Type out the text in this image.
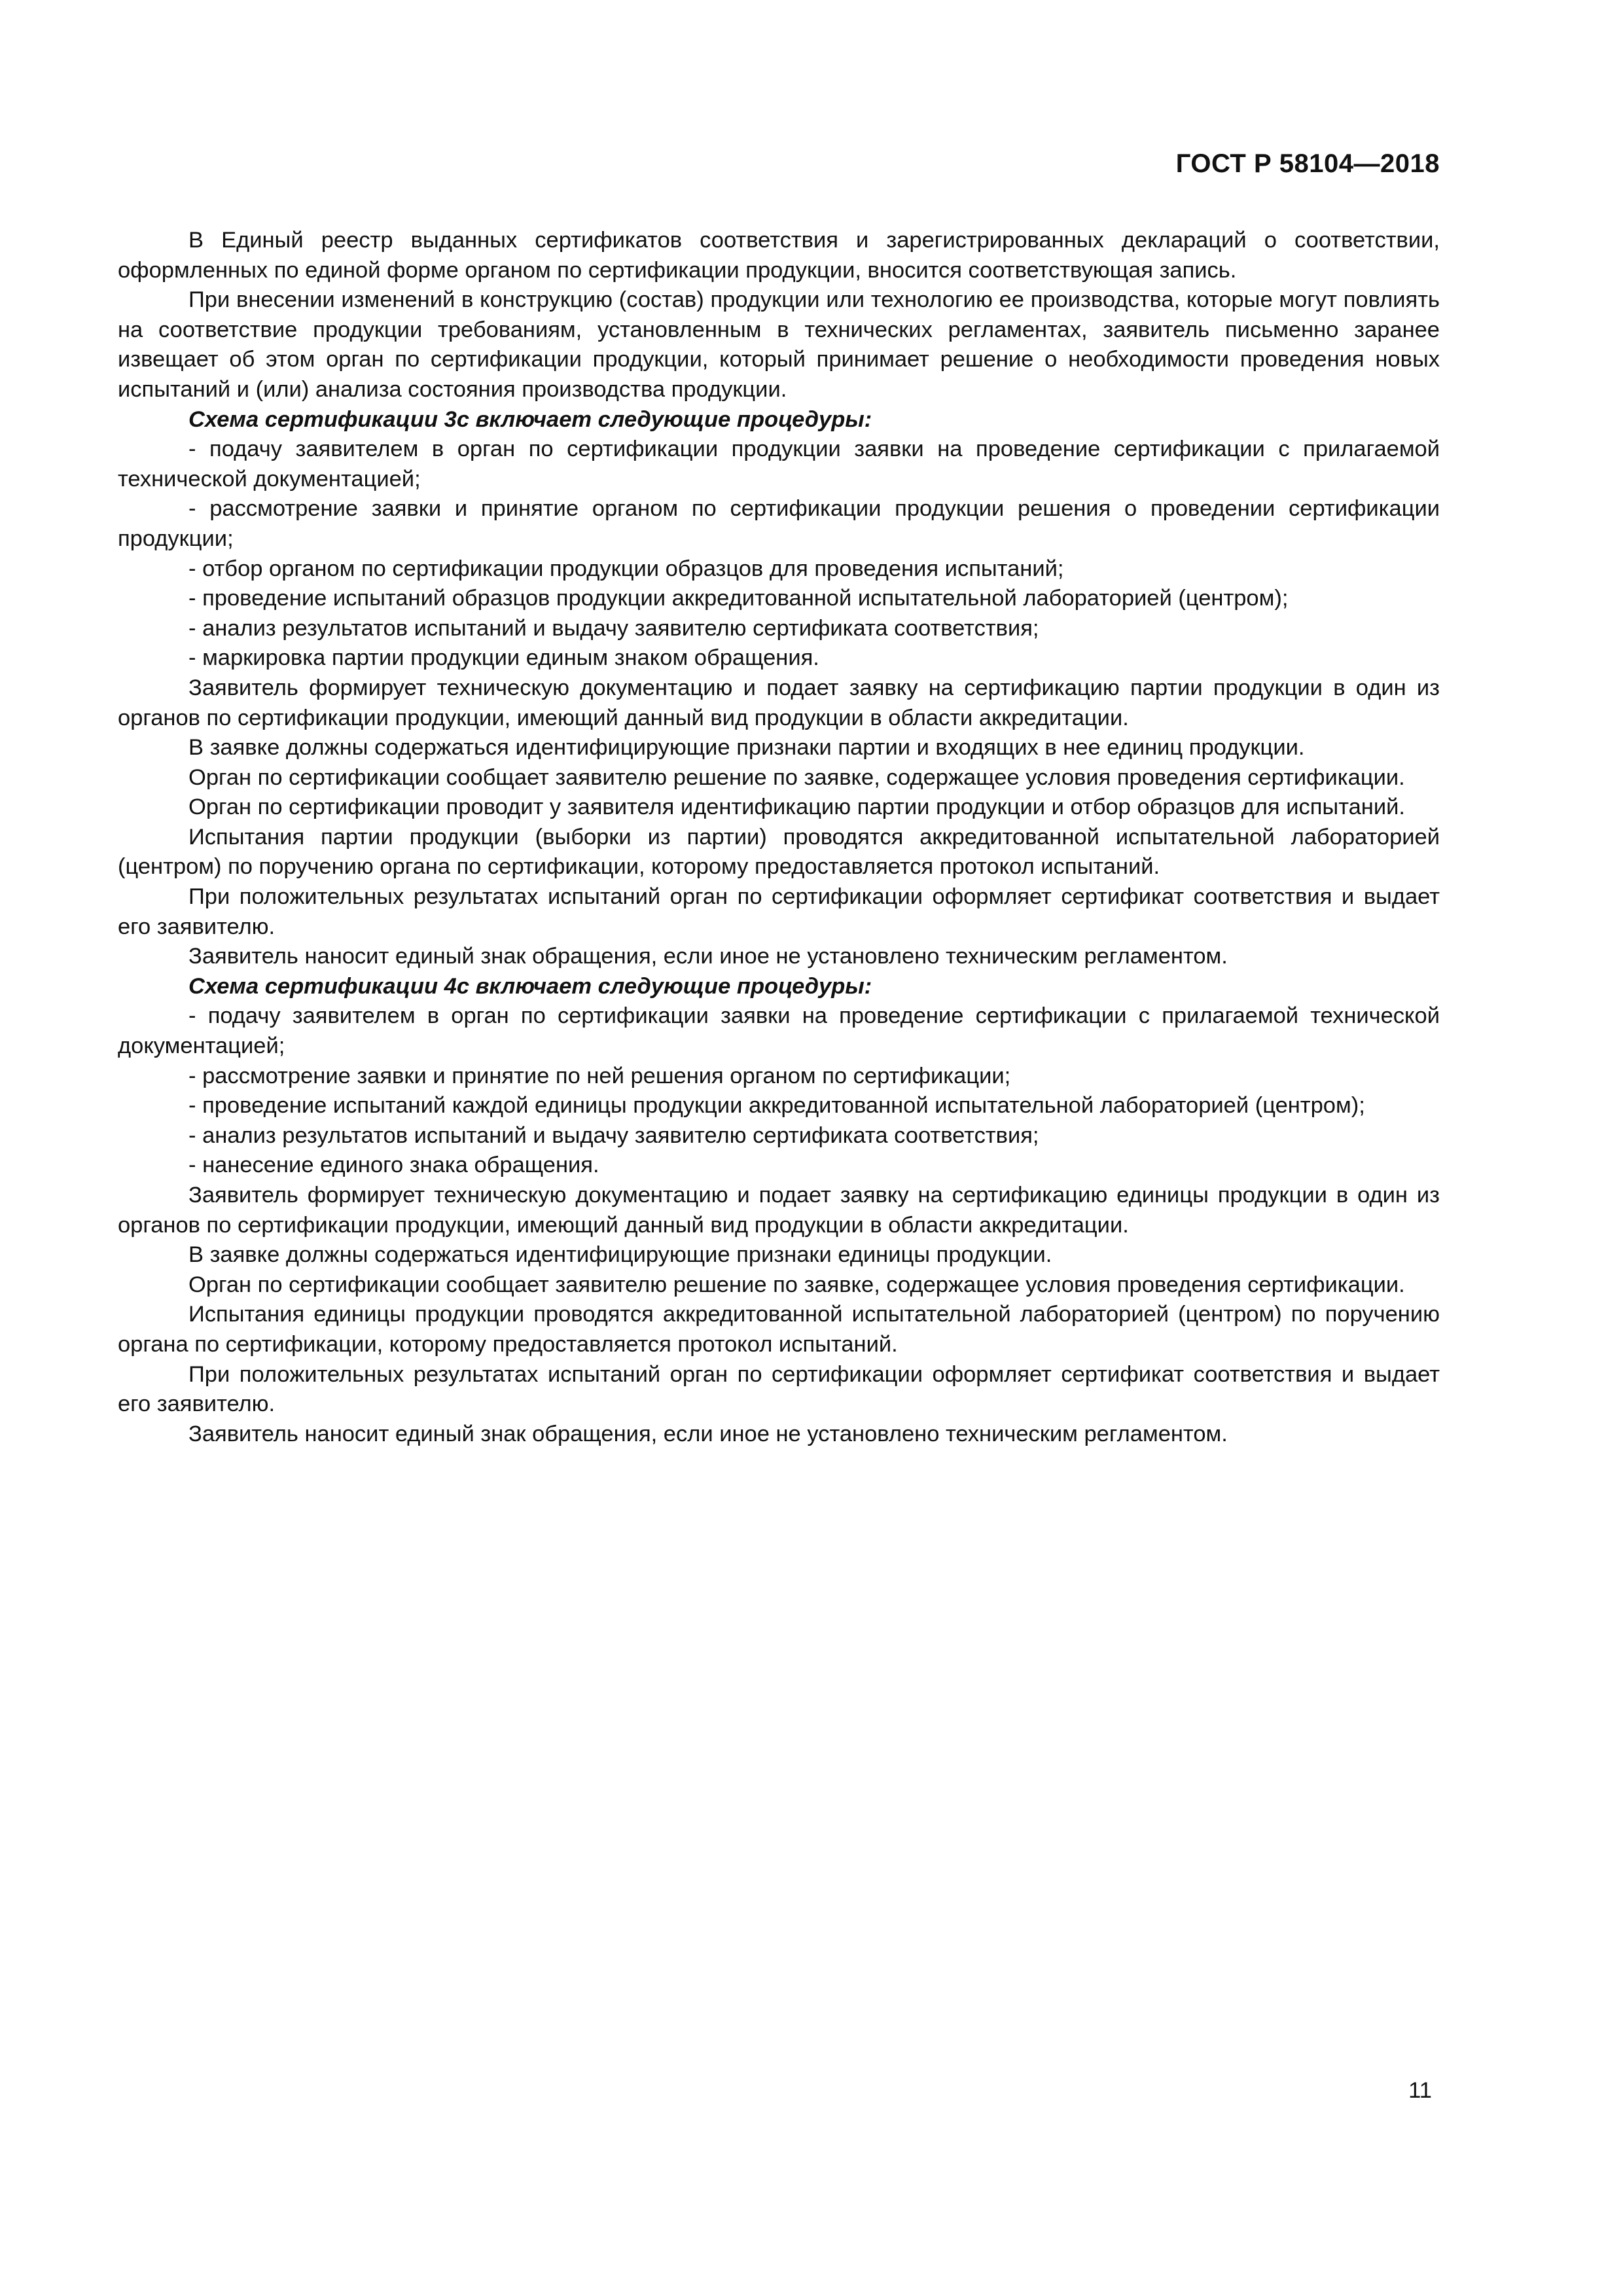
ГОСТ Р 58104—2018

В Единый реестр выданных сертификатов соответствия и зарегистрированных деклараций о соответствии, оформленных по единой форме органом по сертификации продукции, вносится соответствующая запись.

При внесении изменений в конструкцию (состав) продукции или технологию ее производства, которые могут повлиять на соответствие продукции требованиям, установленным в технических регламентах, заявитель письменно заранее извещает об этом орган по сертификации продукции, который принимает решение о необходимости проведения новых испытаний и (или) анализа состояния производства продукции.

Схема сертификации 3с включает следующие процедуры:

- подачу заявителем в орган по сертификации продукции заявки на проведение сертификации с прилагаемой технической документацией;

- рассмотрение заявки и принятие органом по сертификации продукции решения о проведении сертификации продукции;

- отбор органом по сертификации продукции образцов для проведения испытаний;

- проведение испытаний образцов продукции аккредитованной испытательной лабораторией (центром);

- анализ результатов испытаний и выдачу заявителю сертификата соответствия;

- маркировка партии продукции единым знаком обращения.

Заявитель формирует техническую документацию и подает заявку на сертификацию партии продукции в один из органов по сертификации продукции, имеющий данный вид продукции в области аккредитации.

В заявке должны содержаться идентифицирующие признаки партии и входящих в нее единиц продукции.

Орган по сертификации сообщает заявителю решение по заявке, содержащее условия проведения сертификации.

Орган по сертификации проводит у заявителя идентификацию партии продукции и отбор образцов для испытаний.

Испытания партии продукции (выборки из партии) проводятся аккредитованной испытательной лабораторией (центром) по поручению органа по сертификации, которому предоставляется протокол испытаний.

При положительных результатах испытаний орган по сертификации оформляет сертификат соответствия и выдает его заявителю.

Заявитель наносит единый знак обращения, если иное не установлено техническим регламентом.

Схема сертификации 4с включает следующие процедуры:

- подачу заявителем в орган по сертификации заявки на проведение сертификации с прилагаемой технической документацией;

- рассмотрение заявки и принятие по ней решения органом по сертификации;

- проведение испытаний каждой единицы продукции аккредитованной испытательной лабораторией (центром);

- анализ результатов испытаний и выдачу заявителю сертификата соответствия;

- нанесение единого знака обращения.

Заявитель формирует техническую документацию и подает заявку на сертификацию единицы продукции в один из органов по сертификации продукции, имеющий данный вид продукции в области аккредитации.

В заявке должны содержаться идентифицирующие признаки единицы продукции.

Орган по сертификации сообщает заявителю решение по заявке, содержащее условия проведения сертификации.

Испытания единицы продукции проводятся аккредитованной испытательной лабораторией (центром) по поручению органа по сертификации, которому предоставляется протокол испытаний.

При положительных результатах испытаний орган по сертификации оформляет сертификат соответствия и выдает его заявителю.

Заявитель наносит единый знак обращения, если иное не установлено техническим регламентом.

11
